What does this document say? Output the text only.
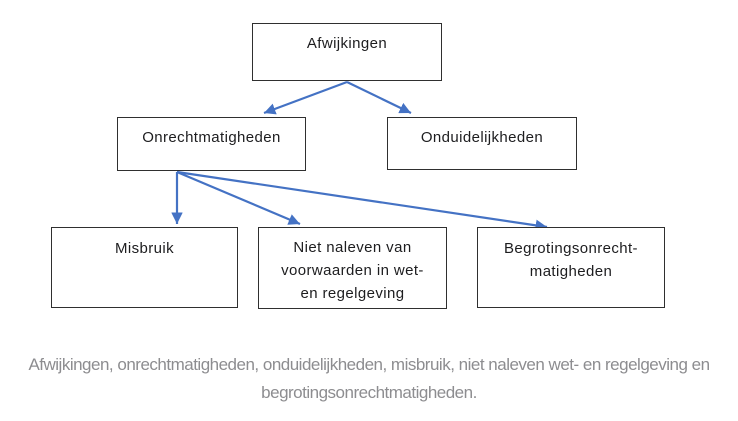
Afwijkingen
Onrechtmatigheden	Onduidelijkheden
Misbruik	Niet naleven van
voorwaarden in wet-
en regelgeving
Begrotingsonrecht-
matigheden
Afwijkingen, onrechtmatigheden, onduidelijkheden, misbruik, niet naleven wet- en regelgeving en
begrotingsonrechtmatigheden.
